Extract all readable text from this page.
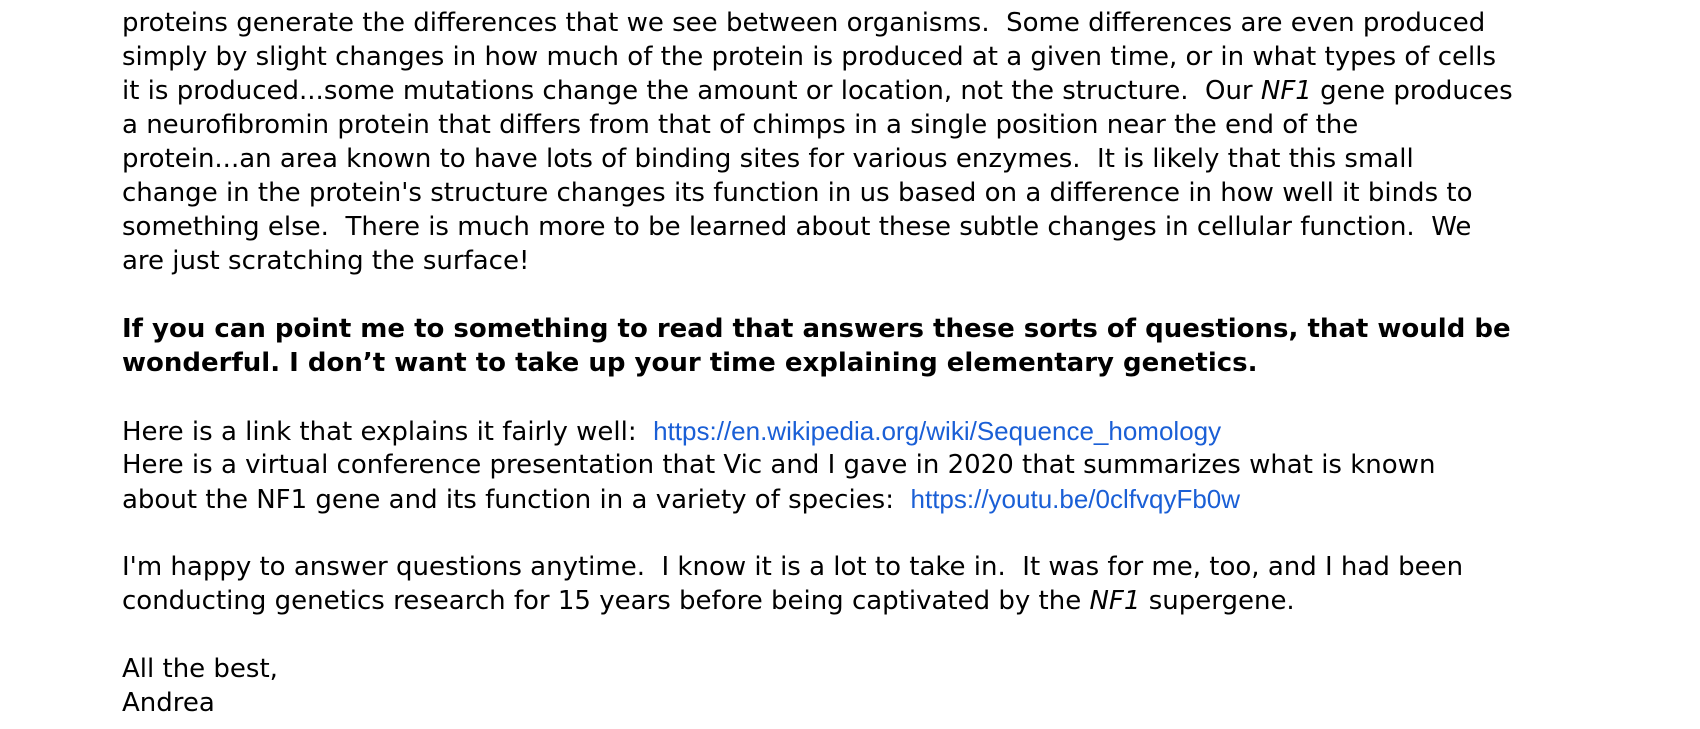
proteins generate the differences that we see between organisms.  Some differences are even produced
simply by slight changes in how much of the protein is produced at a given time, or in what types of cells
it is produced...some mutations change the amount or location, not the structure.  Our NF1 gene produces
a neurofibromin protein that differs from that of chimps in a single position near the end of the
protein...an area known to have lots of binding sites for various enzymes.  It is likely that this small
change in the protein's structure changes its function in us based on a difference in how well it binds to
something else.  There is much more to be learned about these subtle changes in cellular function.  We
are just scratching the surface!
If you can point me to something to read that answers these sorts of questions, that would be
wonderful. I don’t want to take up your time explaining elementary genetics.
Here is a link that explains it fairly well:  https://en.wikipedia.org/wiki/Sequence_homology
Here is a virtual conference presentation that Vic and I gave in 2020 that summarizes what is known
about the NF1 gene and its function in a variety of species:  https://youtu.be/0clfvqyFb0w
I'm happy to answer questions anytime.  I know it is a lot to take in.  It was for me, too, and I had been
conducting genetics research for 15 years before being captivated by the NF1 supergene.
All the best,
Andrea
